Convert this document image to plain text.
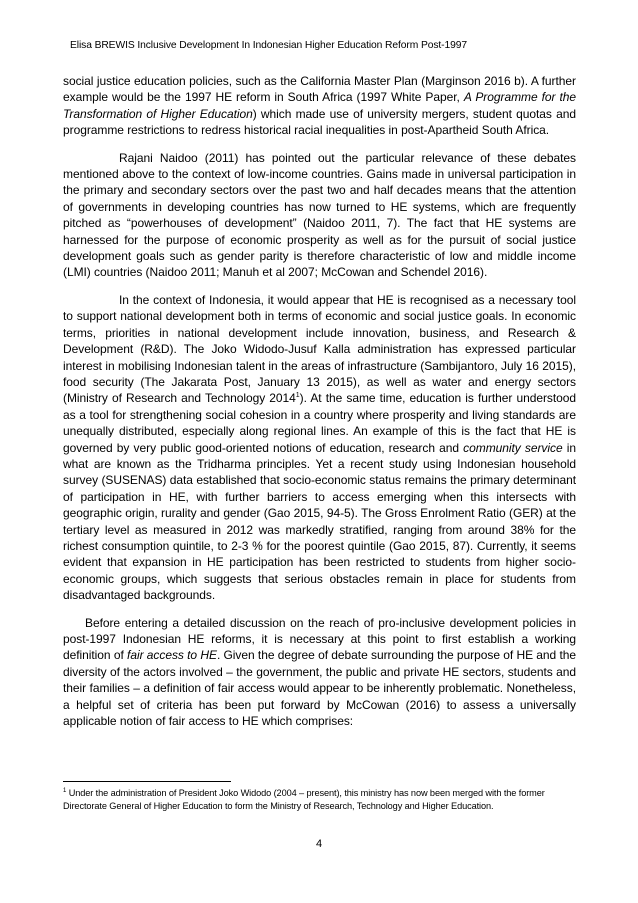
Elisa BREWIS Inclusive Development In Indonesian Higher Education Reform Post-1997

social justice education policies, such as the California Master Plan (Marginson 2016 b). A further example would be the 1997 HE reform in South Africa (1997 White Paper, A Programme for the Transformation of Higher Education) which made use of university mergers, student quotas and programme restrictions to redress historical racial inequalities in post-Apartheid South Africa.

Rajani Naidoo (2011) has pointed out the particular relevance of these debates mentioned above to the context of low-income countries. Gains made in universal participation in the primary and secondary sectors over the past two and half decades means that the attention of governments in developing countries has now turned to HE systems, which are frequently pitched as “powerhouses of development” (Naidoo 2011, 7). The fact that HE systems are harnessed for the purpose of economic prosperity as well as for the pursuit of social justice development goals such as gender parity is therefore characteristic of low and middle income (LMI) countries (Naidoo 2011; Manuh et al 2007; McCowan and Schendel 2016).

In the context of Indonesia, it would appear that HE is recognised as a necessary tool to support national development both in terms of economic and social justice goals. In economic terms, priorities in national development include innovation, business, and Research & Development (R&D). The Joko Widodo-Jusuf Kalla administration has expressed particular interest in mobilising Indonesian talent in the areas of infrastructure (Sambijantoro, July 16 2015), food security (The Jakarata Post, January 13 2015), as well as water and energy sectors (Ministry of Research and Technology 2014$^1$). At the same time, education is further understood as a tool for strengthening social cohesion in a country where prosperity and living standards are unequally distributed, especially along regional lines. An example of this is the fact that HE is governed by very public good-oriented notions of education, research and community service in what are known as the Tridharma principles. Yet a recent study using Indonesian household survey (SUSENAS) data established that socio-economic status remains the primary determinant of participation in HE, with further barriers to access emerging when this intersects with geographic origin, rurality and gender (Gao 2015, 94-5). The Gross Enrolment Ratio (GER) at the tertiary level as measured in 2012 was markedly stratified, ranging from around 38% for the richest consumption quintile, to 2-3 % for the poorest quintile (Gao 2015, 87). Currently, it seems evident that expansion in HE participation has been restricted to students from higher socio-economic groups, which suggests that serious obstacles remain in place for students from disadvantaged backgrounds.

Before entering a detailed discussion on the reach of pro-inclusive development policies in post-1997 Indonesian HE reforms, it is necessary at this point to first establish a working definition of fair access to HE. Given the degree of debate surrounding the purpose of HE and the diversity of the actors involved – the government, the public and private HE sectors, students and their families – a definition of fair access would appear to be inherently problematic. Nonetheless, a helpful set of criteria has been put forward by McCowan (2016) to assess a universally applicable notion of fair access to HE which comprises:

$^1$ Under the administration of President Joko Widodo (2004 – present), this ministry has now been merged with the former Directorate General of Higher Education to form the Ministry of Research, Technology and Higher Education.
4
